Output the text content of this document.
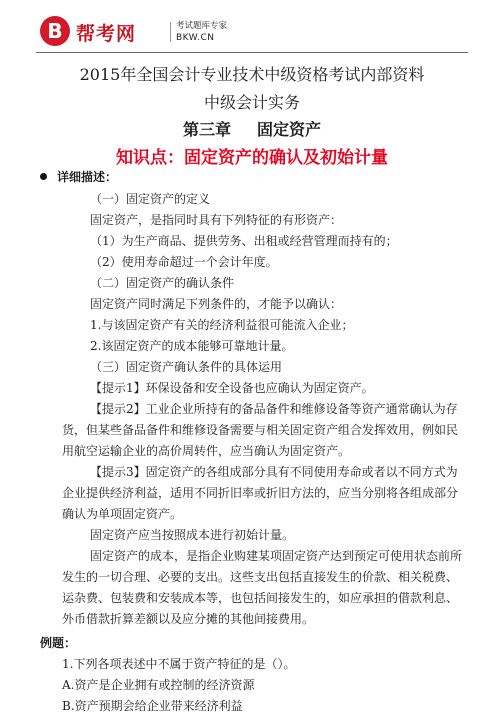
B 帮考网	考试题库专家
BKW.CN
2015年全国会计专业技术中级资格考试内部资料
中级会计实务
第三章 固定资产
知识点：固定资产的确认及初始计量
详细描述：
（一）固定资产的定义
固定资产，是指同时具有下列特征的有形资产：
（1）为生产商品、提供劳务、出租或经营管理而持有的；
（2）使用寿命超过一个会计年度。
（二）固定资产的确认条件
固定资产同时满足下列条件的，才能予以确认：
1.与该固定资产有关的经济利益很可能流入企业；
2.该固定资产的成本能够可靠地计量。
（三）固定资产确认条件的具体运用
【提示1】环保设备和安全设备也应确认为固定资产。
【提示2】工业企业所持有的备品备件和维修设备等资产通常确认为存
货，但某些备品备件和维修设备需要与相关固定资产组合发挥效用，例如民
用航空运输企业的高价周转件，应当确认为固定资产。
【提示3】固定资产的各组成部分具有不同使用寿命或者以不同方式为
企业提供经济利益，适用不同折旧率或折旧方法的，应当分别将各组成部分
确认为单项固定资产。
固定资产应当按照成本进行初始计量。
固定资产的成本，是指企业购建某项固定资产达到预定可使用状态前所
发生的一切合理、必要的支出。这些支出包括直接发生的价款、相关税费、
运杂费、包装费和安装成本等，也包括间接发生的，如应承担的借款利息、
外币借款折算差额以及应分摊的其他间接费用。
例题：
1.下列各项表述中不属于资产特征的是（）。
A.资产是企业拥有或控制的经济资源
B.资产预期会给企业带来经济利益
